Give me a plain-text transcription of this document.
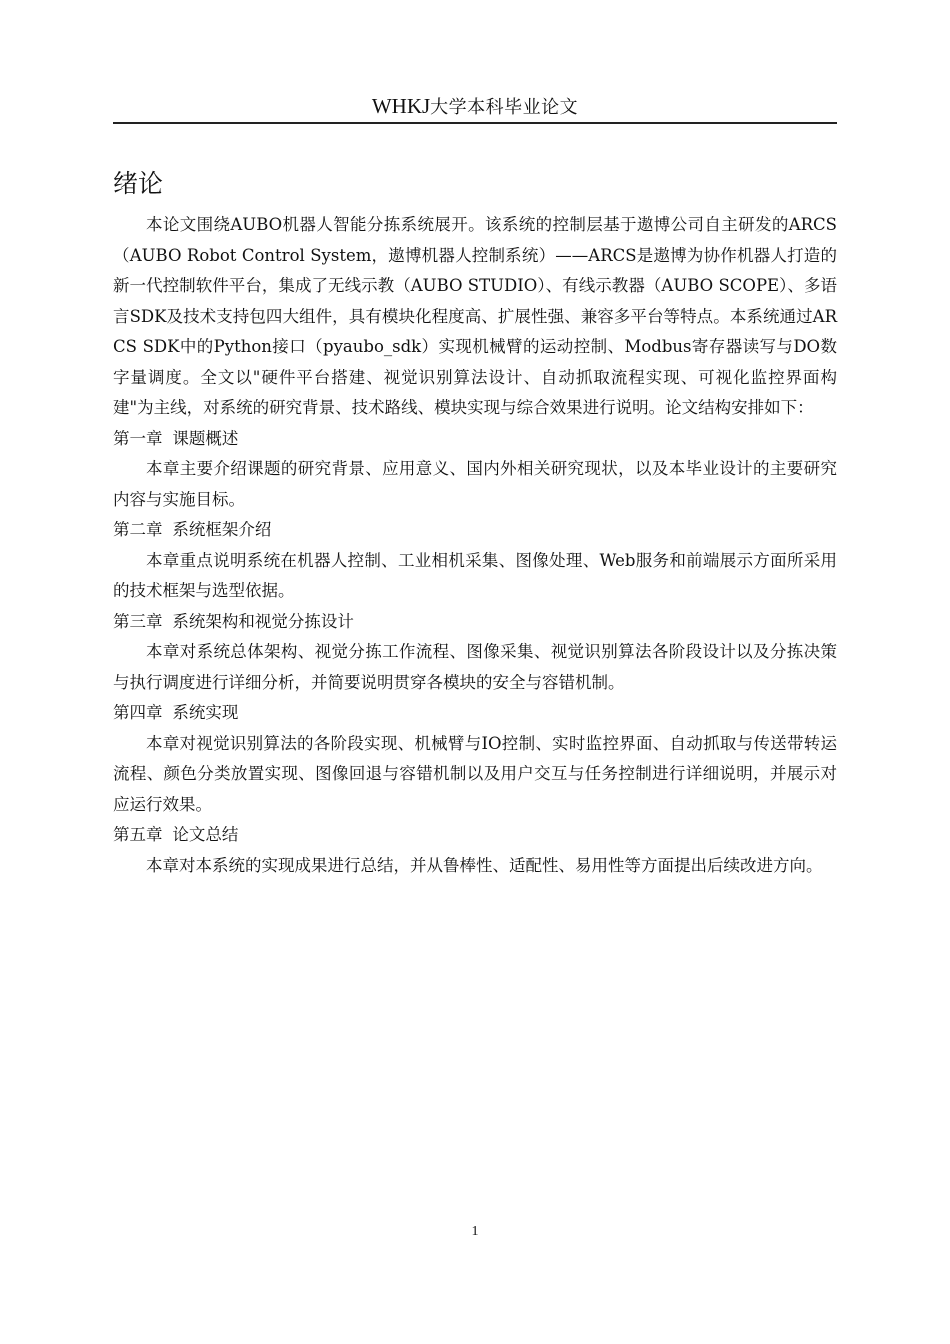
WHKJ大学本科毕业论文
绪论

本论文围绕AUBO机器人智能分拣系统展开。该系统的控制层基于遨博公司自主研发的ARCS（AUBO Robot Control System，遨博机器人控制系统）——ARCS是遨博为协作机器人打造的新一代控制软件平台，集成了无线示教（AUBO STUDIO）、有线示教器（AUBO SCOPE）、多语言SDK及技术支持包四大组件，具有模块化程度高、扩展性强、兼容多平台等特点。本系统通过ARCS SDK中的Python接口（pyaubo_sdk）实现机械臂的运动控制、Modbus寄存器读写与DO数字量调度。全文以"硬件平台搭建、视觉识别算法设计、自动抓取流程实现、可视化监控界面构建"为主线，对系统的研究背景、技术路线、模块实现与综合效果进行说明。论文结构安排如下：

第一章 课题概述

本章主要介绍课题的研究背景、应用意义、国内外相关研究现状，以及本毕业设计的主要研究内容与实施目标。

第二章 系统框架介绍

本章重点说明系统在机器人控制、工业相机采集、图像处理、Web服务和前端展示方面所采用的技术框架与选型依据。

第三章 系统架构和视觉分拣设计

本章对系统总体架构、视觉分拣工作流程、图像采集、视觉识别算法各阶段设计以及分拣决策与执行调度进行详细分析，并简要说明贯穿各模块的安全与容错机制。

第四章 系统实现

本章对视觉识别算法的各阶段实现、机械臂与IO控制、实时监控界面、自动抓取与传送带转运流程、颜色分类放置实现、图像回退与容错机制以及用户交互与任务控制进行详细说明，并展示对应运行效果。

第五章 论文总结

本章对本系统的实现成果进行总结，并从鲁棒性、适配性、易用性等方面提出后续改进方向。

1
